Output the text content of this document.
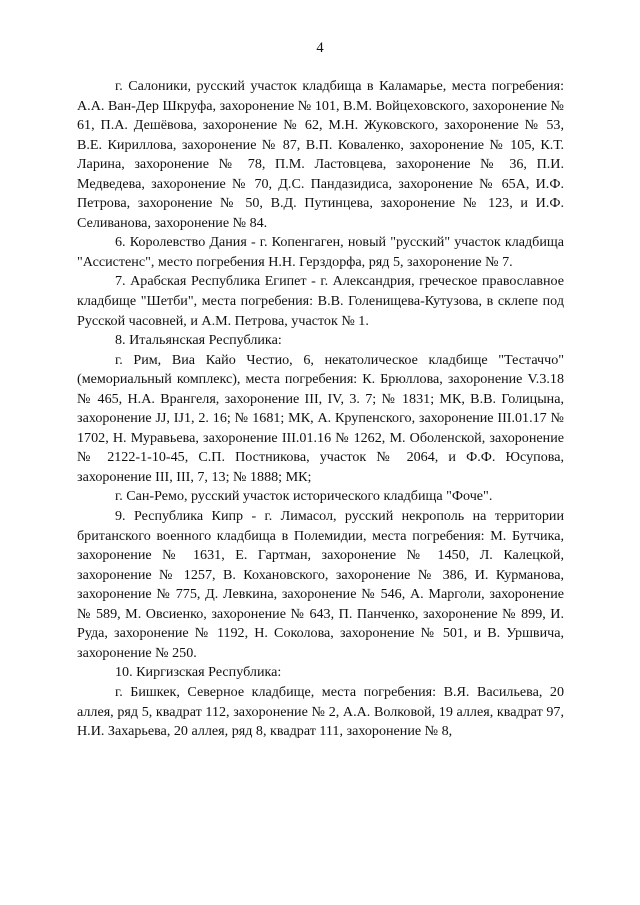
4

г. Салоники, русский участок кладбища в Каламарье, места погребения: А.А. Ван-Дер Шкруфа, захоронение № 101, В.М. Войцеховского, захоронение № 61, П.А. Дешёвова, захоронение № 62, М.Н. Жуковского, захоронение № 53, В.Е. Кириллова, захоронение № 87, В.П. Коваленко, захоронение № 105, К.Т. Ларина, захоронение № 78, П.М. Ластовцева, захоронение № 36, П.И. Медведева, захоронение № 70, Д.С. Пандазидиса, захоронение № 65А, И.Ф. Петрова, захоронение № 50, В.Д. Путинцева, захоронение № 123, и И.Ф. Селиванова, захоронение № 84.

6. Королевство Дания - г. Копенгаген, новый "русский" участок кладбища "Ассистенс", место погребения Н.Н. Герздорфа, ряд 5, захоронение № 7.

7. Арабская Республика Египет - г. Александрия, греческое православное кладбище "Шетби", места погребения: В.В. Голенищева-Кутузова, в склепе под Русской часовней, и А.М. Петрова, участок № 1.

8. Итальянская Республика:

г. Рим, Виа Кайо Честио, 6, некатолическое кладбище "Тестаччо" (мемориальный комплекс), места погребения: К. Брюллова, захоронение V.3.18 № 465, Н.А. Врангеля, захоронение III, IV, 3. 7; № 1831; МК, В.В. Голицына, захоронение JJ, IJ1, 2. 16; № 1681; МК, А. Крупенского, захоронение III.01.17 № 1702, Н. Муравьева, захоронение III.01.16 № 1262, М. Оболенской, захоронение № 2122-1-10-45, С.П. Постникова, участок № 2064, и Ф.Ф. Юсупова, захоронение III, III, 7, 13; № 1888; МК;

г. Сан-Ремо, русский участок исторического кладбища "Фоче".

9. Республика Кипр - г. Лимасол, русский некрополь на территории британского военного кладбища в Полемидии, места погребения: М. Бутчика, захоронение № 1631, Е. Гартман, захоронение № 1450, Л. Калецкой, захоронение № 1257, В. Кохановского, захоронение № 386, И. Курманова, захоронение № 775, Д. Левкина, захоронение № 546, А. Марголи, захоронение № 589, М. Овсиенко, захоронение № 643, П. Панченко, захоронение № 899, И. Руда, захоронение № 1192, Н. Соколова, захоронение № 501, и В. Уршвича, захоронение № 250.

10. Киргизская Республика:

г. Бишкек, Северное кладбище, места погребения: В.Я. Васильева, 20 аллея, ряд 5, квадрат 112, захоронение № 2, А.А. Волковой, 19 аллея, квадрат 97, Н.И. Захарьева, 20 аллея, ряд 8, квадрат 111, захоронение № 8,
